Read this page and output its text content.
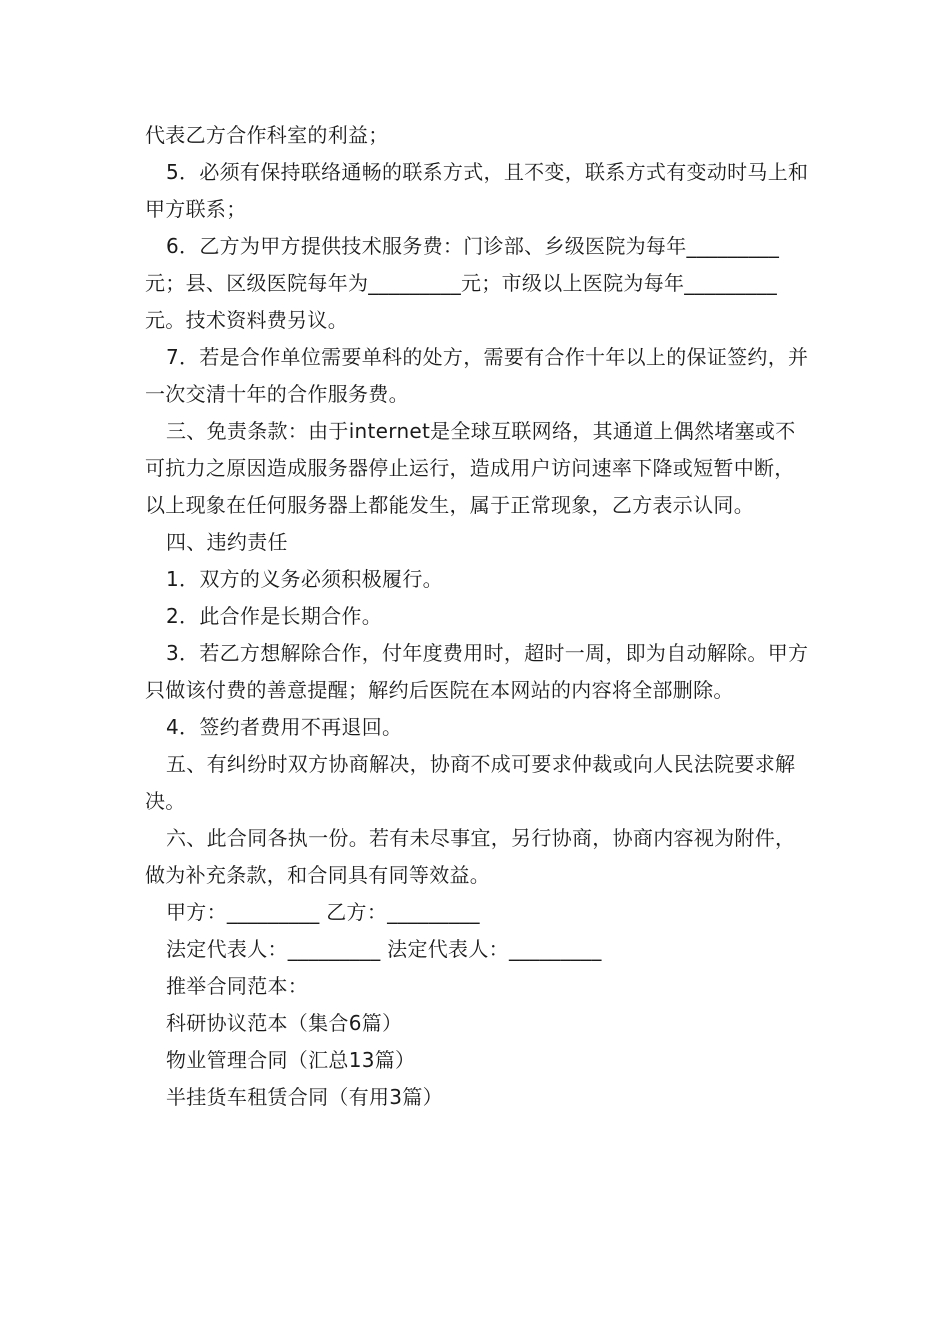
代表乙方合作科室的利益；

5．必须有保持联络通畅的联系方式，且不变，联系方式有变动时马上和甲方联系；

6．乙方为甲方提供技术服务费：门诊部、乡级医院为每年_________元；县、区级医院每年为_________元；市级以上医院为每年_________元。技术资料费另议。

7．若是合作单位需要单科的处方，需要有合作十年以上的保证签约，并一次交清十年的合作服务费。

三、免责条款：由于internet是全球互联网络，其通道上偶然堵塞或不可抗力之原因造成服务器停止运行，造成用户访问速率下降或短暂中断，以上现象在任何服务器上都能发生，属于正常现象，乙方表示认同。

四、违约责任

1．双方的义务必须积极履行。

2．此合作是长期合作。

3．若乙方想解除合作，付年度费用时，超时一周，即为自动解除。甲方只做该付费的善意提醒；解约后医院在本网站的内容将全部删除。

4．签约者费用不再退回。

五、有纠纷时双方协商解决，协商不成可要求仲裁或向人民法院要求解决。

六、此合同各执一份。若有未尽事宜，另行协商，协商内容视为附件，做为补充条款，和合同具有同等效益。

甲方：_________ 乙方：_________

法定代表人：_________ 法定代表人：_________

推举合同范本：

科研协议范本（集合6篇）

物业管理合同（汇总13篇）

半挂货车租赁合同（有用3篇）
